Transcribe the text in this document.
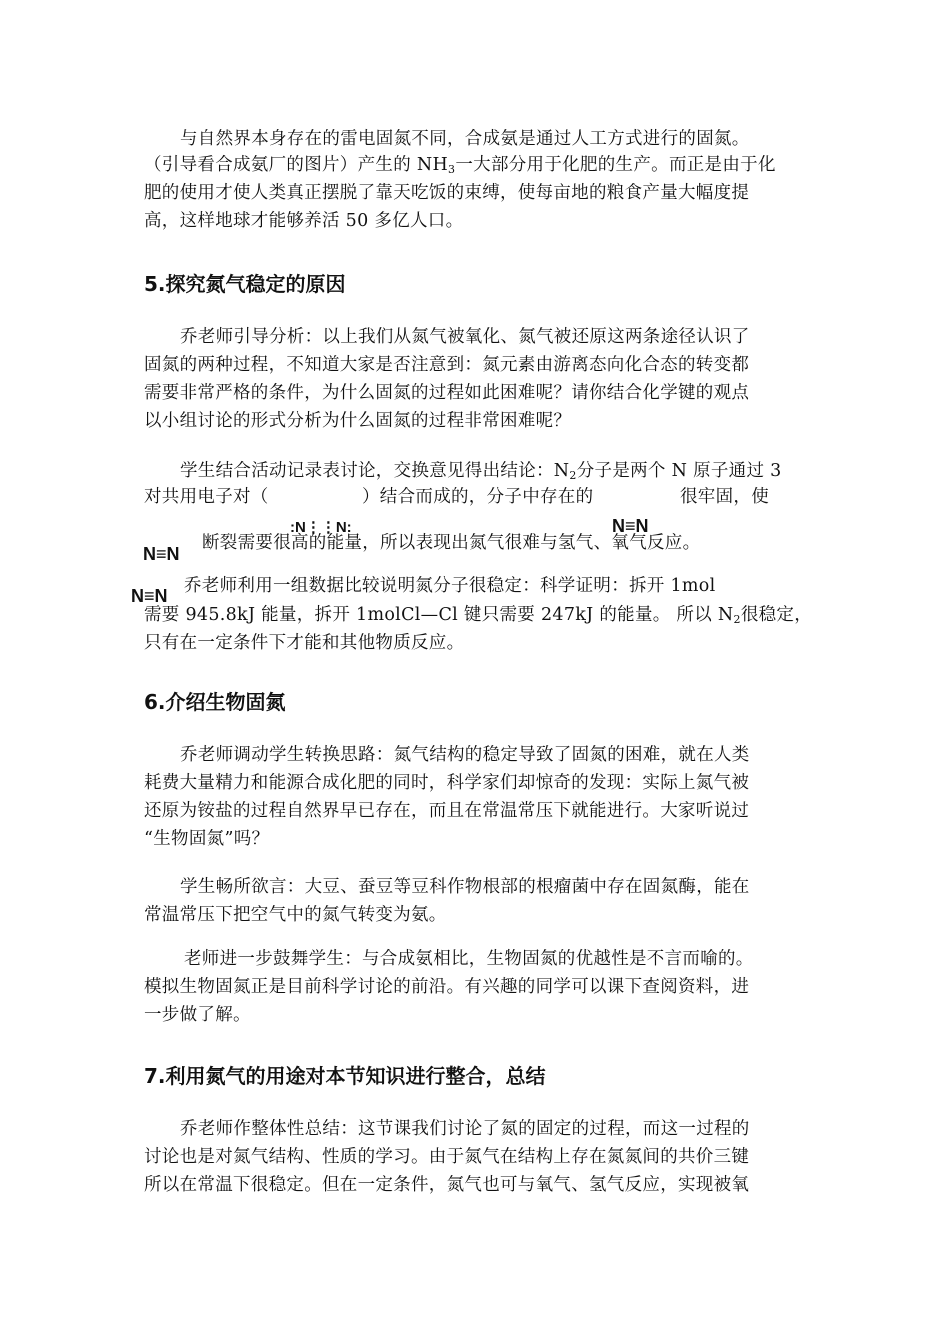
与自然界本身存在的雷电固氮不同，合成氨是通过人工方式进行的固氮。
（引导看合成氨厂的图片）产生的 $NH_3$一大部分用于化肥的生产。而正是由于化
肥的使用才使人类真正摆脱了靠天吃饭的束缚，使每亩地的粮食产量大幅度提
高，这样地球才能够养活 50 多亿人口。
5.探究氮气稳定的原因
乔老师引导分析：以上我们从氮气被氧化、氮气被还原这两条途径认识了
固氮的两种过程，不知道大家是否注意到：氮元素由游离态向化合态的转变都
需要非常严格的条件，为什么固氮的过程如此困难呢？请你结合化学键的观点
以小组讨论的形式分析为什么固氮的过程非常困难呢？
学生结合活动记录表讨论，交换意见得出结论：$N_2$分子是两个 N 原子通过 3
对共用电子对（	）结合而成的，分子中存在的	很牢固，使
断裂需要很高的能量，所以表现出氮气很难与氢气、氧气反应。
:N⋮⋮N:	N≡N
N≡N
N≡N 乔老师利用一组数据比较说明氮分子很稳定：科学证明：拆开 1mol
需要 945.8kJ 能量，拆开 1molCl—Cl 键只需要 247kJ 的能量。 所以 $N_2$很稳定，
只有在一定条件下才能和其他物质反应。
6.介绍生物固氮
乔老师调动学生转换思路：氮气结构的稳定导致了固氮的困难，就在人类
耗费大量精力和能源合成化肥的同时，科学家们却惊奇的发现：实际上氮气被
还原为铵盐的过程自然界早已存在，而且在常温常压下就能进行。大家听说过
“生物固氮”吗？
学生畅所欲言：大豆、蚕豆等豆科作物根部的根瘤菌中存在固氮酶，能在
常温常压下把空气中的氮气转变为氨。
老师进一步鼓舞学生：与合成氨相比，生物固氮的优越性是不言而喻的。
模拟生物固氮正是目前科学讨论的前沿。有兴趣的同学可以课下查阅资料，进
一步做了解。
7.利用氮气的用途对本节知识进行整合，总结
乔老师作整体性总结：这节课我们讨论了氮的固定的过程，而这一过程的
讨论也是对氮气结构、性质的学习。由于氮气在结构上存在氮氮间的共价三键
所以在常温下很稳定。但在一定条件，氮气也可与氧气、氢气反应，实现被氧
